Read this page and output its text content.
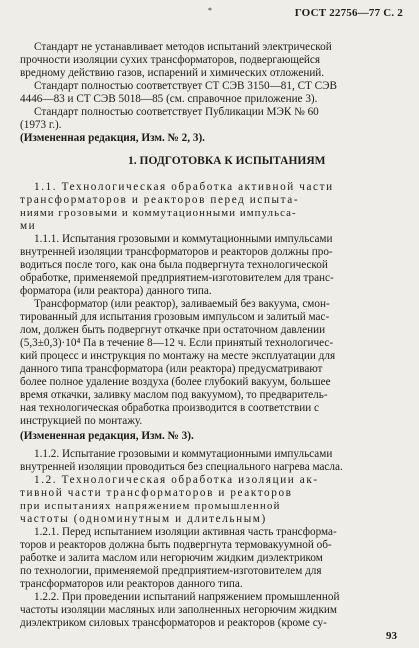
*	ГОСТ 22756—77 С. 2
Стандарт не устанавливает методов испытаний электрической
прочности изоляции сухих трансформаторов, подвергающейся
вредному действию газов, испарений и химических отложений.
Стандарт полностью соответствует СТ СЭВ 3150—81, СТ СЭВ
4446—83 и СТ СЭВ 5018—85 (см. справочное приложение 3).
Стандарт полностью соответствует Публикации МЭК № 60
(1973 г.).
(Измененная редакция, Изм. № 2, 3).
1. ПОДГОТОВКА К ИСПЫТАНИЯМ
1.1. Технологическая обработка активной части
трансформаторов и реакторов перед испыта-
ниями грозовыми и коммутационными импульса-
ми
1.1.1. Испытания грозовыми и коммутационными импульсами
внутренней изоляции трансформаторов и реакторов должны про-
водиться после того, как она была подвергнута технологической
обработке, применяемой предприятием-изготовителем для транс-
форматора (или реактора) данного типа.
Трансформатор (или реактор), заливаемый без вакуума, смон-
тированный для испытания грозовым импульсом и залитый мас-
лом, должен быть подвергнут откачке при остаточном давлении
(5,3±0,3)·10⁴ Па в течение 8—12 ч. Если принятый технологичес-
кий процесс и инструкция по монтажу на месте эксплуатации для
данного типа трансформатора (или реактора) предусматривают
более полное удаление воздуха (более глубокий вакуум, большее
время откачки, заливку маслом под вакуумом), то предваритель-
ная технологическая обработка производится в соответствии с
инструкцией по монтажу.
(Измененная редакция, Изм. № 3).
1.1.2. Испытание грозовыми и коммутационными импульсами
внутренней изоляции проводиться без специального нагрева масла.
1.2. Технологическая обработка изоляции ак-
тивной части трансформаторов и реакторов
при испытаниях напряжением промышленной
частоты (одноминутным и длительным)
1.2.1. Перед испытанием изоляции активная часть трансформа-
торов и реакторов должна быть подвергнута термовакуумной об-
работке и залита маслом или негорючим жидким диэлектриком
по технологии, применяемой предприятием-изготовителем для
трансформаторов или реакторов данного типа.
1.2.2. При проведении испытаний напряжением промышленной
частоты изоляции масляных или заполненных негорючим жидким
диэлектриком силовых трансформаторов и реакторов (кроме су-
93
